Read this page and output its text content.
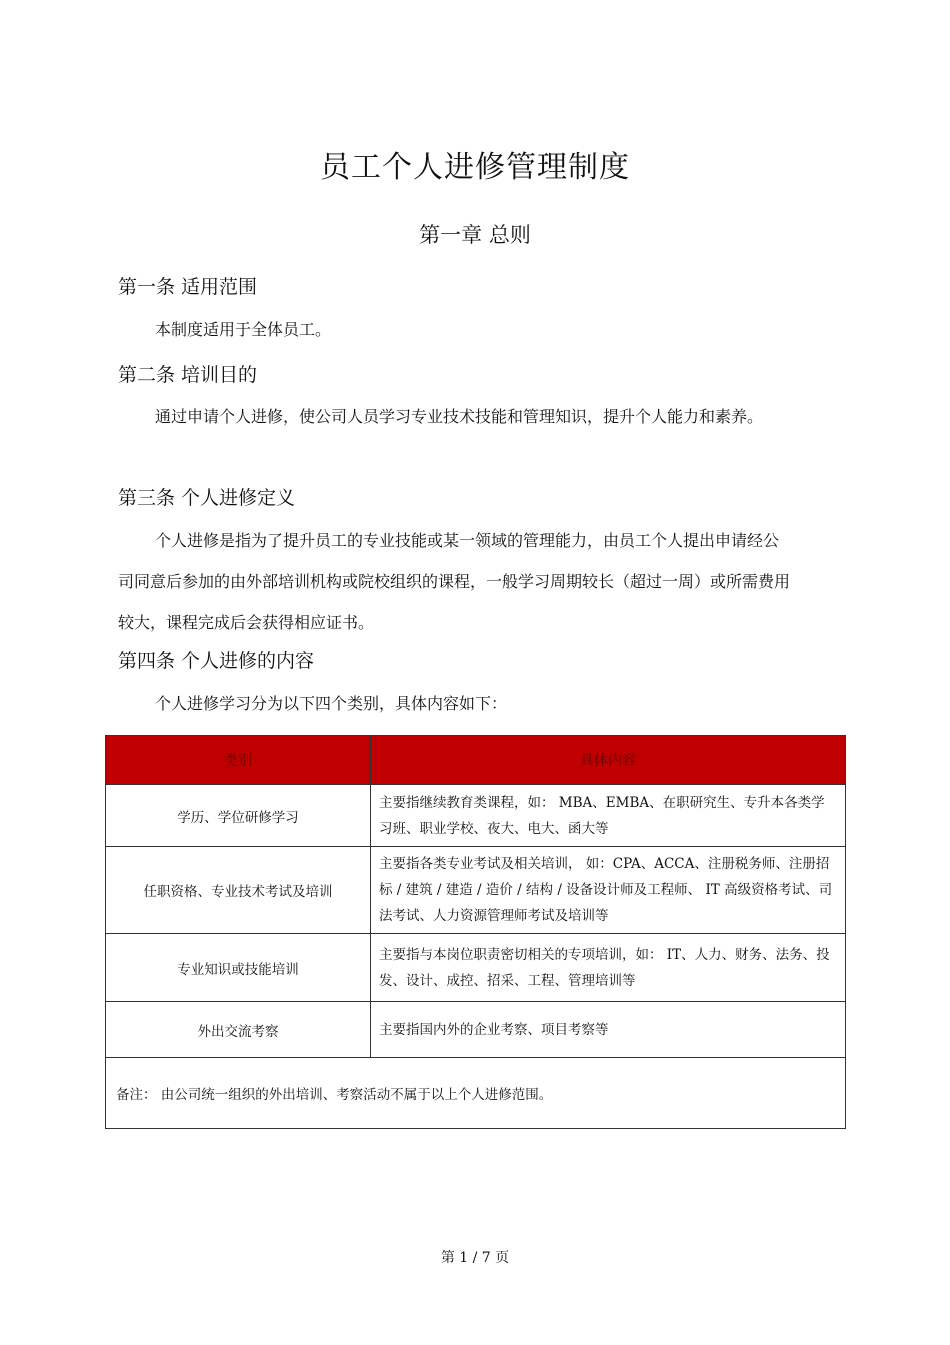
员工个人进修管理制度
第一章 总则
第一条 适用范围
本制度适用于全体员工。
第二条 培训目的
通过申请个人进修，使公司人员学习专业技术技能和管理知识，提升个人能力和素养。
第三条 个人进修定义
个人进修是指为了提升员工的专业技能或某一领域的管理能力，由员工个人提出申请经公司同意后参加的由外部培训机构或院校组织的课程，一般学习周期较长（超过一周）或所需费用较大，课程完成后会获得相应证书。
第四条 个人进修的内容
个人进修学习分为以下四个类别，具体内容如下：
类别	具体内容
学历、学位研修学习	主要指继续教育类课程，如： MBA、EMBA、在职研究生、专升本各类学习班、职业学校、夜大、电大、函大等
任职资格、专业技术考试及培训	主要指各类专业考试及相关培训， 如：CPA、ACCA、注册税务师、注册招标 / 建筑 / 建造 / 造价 / 结构 / 设备设计师及工程师、 IT 高级资格考试、司法考试、人力资源管理师考试及培训等
专业知识或技能培训	主要指与本岗位职责密切相关的专项培训，如： IT、人力、财务、法务、投发、设计、成控、招采、工程、管理培训等
外出交流考察	主要指国内外的企业考察、项目考察等
备注： 由公司统一组织的外出培训、考察活动不属于以上个人进修范围。	
第 1 / 7 页
